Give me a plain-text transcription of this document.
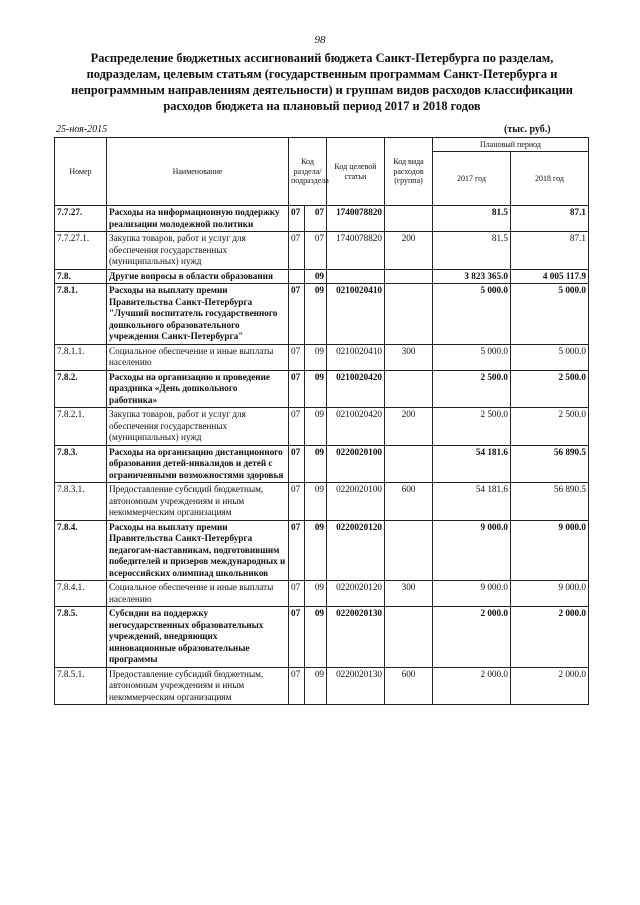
98
Распределение бюджетных ассигнований бюджета Санкт-Петербурга по разделам, подразделам, целевым статьям (государственным программам Санкт-Петербурга и непрограммным направлениям деятельности) и группам видов расходов классификации расходов бюджета на плановый период 2017 и 2018 годов
25-ноя-2015	(тыс. руб.)
Номер	Наименование	Код раздела/ подраздела		Код целевой статьи	Код вида расходов (группа)	Плановый период	
						2017 год	2018 год
7.7.27.	Расходы на информационную поддержку реализации молодежной политики	07	07	1740078820		81.5	87.1
7.7.27.1.	Закупка товаров, работ и услуг для обеспечения государственных (муниципальных) нужд	07	07	1740078820	200	81.5	87.1
7.8.	Другие вопросы в области образования		09			3 823 365.0	4 005 117.9
7.8.1.	Расходы на выплату премии Правительства Санкт-Петербурга "Лучший воспитатель государственного дошкольного образовательного учреждения Санкт-Петербурга"	07	09	0210020410		5 000.0	5 000.0
7.8.1.1.	Социальное обеспечение и иные выплаты населению	07	09	0210020410	300	5 000.0	5 000.0
7.8.2.	Расходы на организацию и проведение праздника «День дошкольного работника»	07	09	0210020420		2 500.0	2 500.0
7.8.2.1.	Закупка товаров, работ и услуг для обеспечения государственных (муниципальных) нужд	07	09	0210020420	200	2 500.0	2 500.0
7.8.3.	Расходы на организацию дистанционного образования детей-инвалидов и детей с ограниченными возможностями здоровья	07	09	0220020100		54 181.6	56 890.5
7.8.3.1.	Предоставление субсидий бюджетным, автономным учреждениям и иным некоммерческим организациям	07	09	0220020100	600	54 181.6	56 890.5
7.8.4.	Расходы на выплату премии Правительства Санкт-Петербурга педагогам-наставникам, подготовившим победителей и призеров международных и всероссийских олимпиад школьников	07	09	0220020120		9 000.0	9 000.0
7.8.4.1.	Социальное обеспечение и иные выплаты населению	07	09	0220020120	300	9 000.0	9 000.0
7.8.5.	Субсидии на поддержку негосударственных образовательных учреждений, внедряющих инновационные образовательные программы	07	09	0220020130		2 000.0	2 000.0
7.8.5.1.	Предоставление субсидий бюджетным, автономным учреждениям и иным некоммерческим организациям	07	09	0220020130	600	2 000.0	2 000.0
